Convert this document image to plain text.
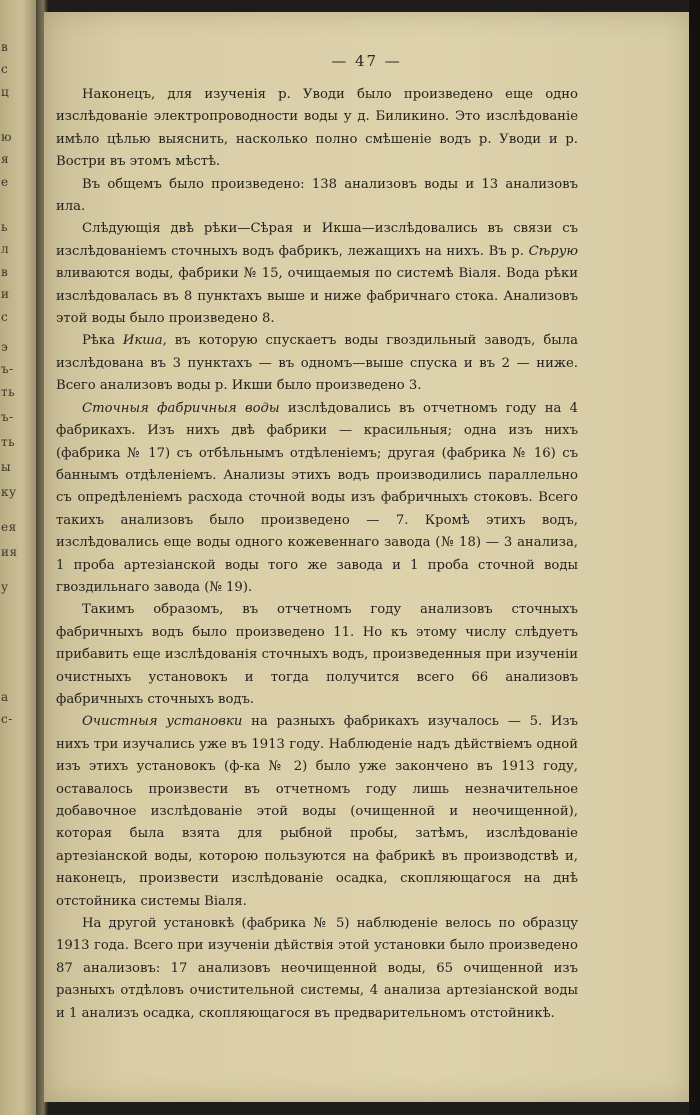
в
с
ц
ю
я
е
ь
л
в
и
с
э
ъ-
ть
ъ-
ть
ы
ку
ея
ия
у
а
с-
— 47 —

Наконецъ, для изученія р. Уводи было произведено еще одно изслѣдованіе электропроводности воды у д. Биликино. Это изслѣдованіе имѣло цѣлью выяснить, насколько полно смѣшеніе водъ р. Уводи и р. Востри въ этомъ мѣстѣ.

Въ общемъ было произведено: 138 анализовъ воды и 13 анализовъ ила.

Слѣдующія двѣ рѣки—Сѣрая и Икша—изслѣдовались въ связи съ изслѣдованіемъ сточныхъ водъ фабрикъ, лежащихъ на нихъ. Въ р. Сѣрую вливаются воды, фабрики № 15, очищаемыя по системѣ Віаля. Вода рѣки изслѣдовалась въ 8 пунктахъ выше и ниже фабричнаго стока. Анализовъ этой воды было произведено 8.

Рѣка Икша, въ которую спускаетъ воды гвоздильный заводъ, была изслѣдована въ 3 пунктахъ — въ одномъ—выше спуска и въ 2 — ниже. Всего анализовъ воды р. Икши было произведено 3.

Сточныя фабричныя воды изслѣдовались въ отчетномъ году на 4 фабрикахъ. Изъ нихъ двѣ фабрики — красильныя; одна изъ нихъ (фабрика № 17) съ отбѣльнымъ отдѣленіемъ; другая (фабрика № 16) съ баннымъ отдѣленіемъ. Анализы этихъ водъ производились параллельно съ опредѣленіемъ расхода сточной воды изъ фабричныхъ стоковъ. Всего такихъ анализовъ было произведено — 7. Кромѣ этихъ водъ, изслѣдовались еще воды одного кожевеннаго завода (№ 18) — 3 анализа, 1 проба артезіанской воды того же завода и 1 проба сточной воды гвоздильнаго завода (№ 19).

Такимъ образомъ, въ отчетномъ году анализовъ сточныхъ фабричныхъ водъ было произведено 11. Но къ этому числу слѣдуетъ прибавить еще изслѣдованія сточныхъ водъ, произведенныя при изученіи очистныхъ установокъ и тогда получится всего 66 анализовъ фабричныхъ сточныхъ водъ.

Очистныя установки на разныхъ фабрикахъ изучалось — 5. Изъ нихъ три изучались уже въ 1913 году. Наблюденіе надъ дѣйствіемъ одной изъ этихъ установокъ (ф-ка № 2) было уже закончено въ 1913 году, оставалось произвести въ отчетномъ году лишь незначительное добавочное изслѣдованіе этой воды (очищенной и неочищенной), которая была взята для рыбной пробы, затѣмъ, изслѣдованіе артезіанской воды, которою пользуются на фабрикѣ въ производствѣ и, наконецъ, произвести изслѣдованіе осадка, скопляющагося на днѣ отстойника системы Віаля.

На другой установкѣ (фабрика № 5) наблюденіе велось по образцу 1913 года. Всего при изученіи дѣйствія этой установки было произведено 87 анализовъ: 17 анализовъ неочищенной воды, 65 очищенной изъ разныхъ отдѣловъ очистительной системы, 4 анализа артезіанской воды и 1 анализъ осадка, скопляющагося въ предварительномъ отстойникѣ.
